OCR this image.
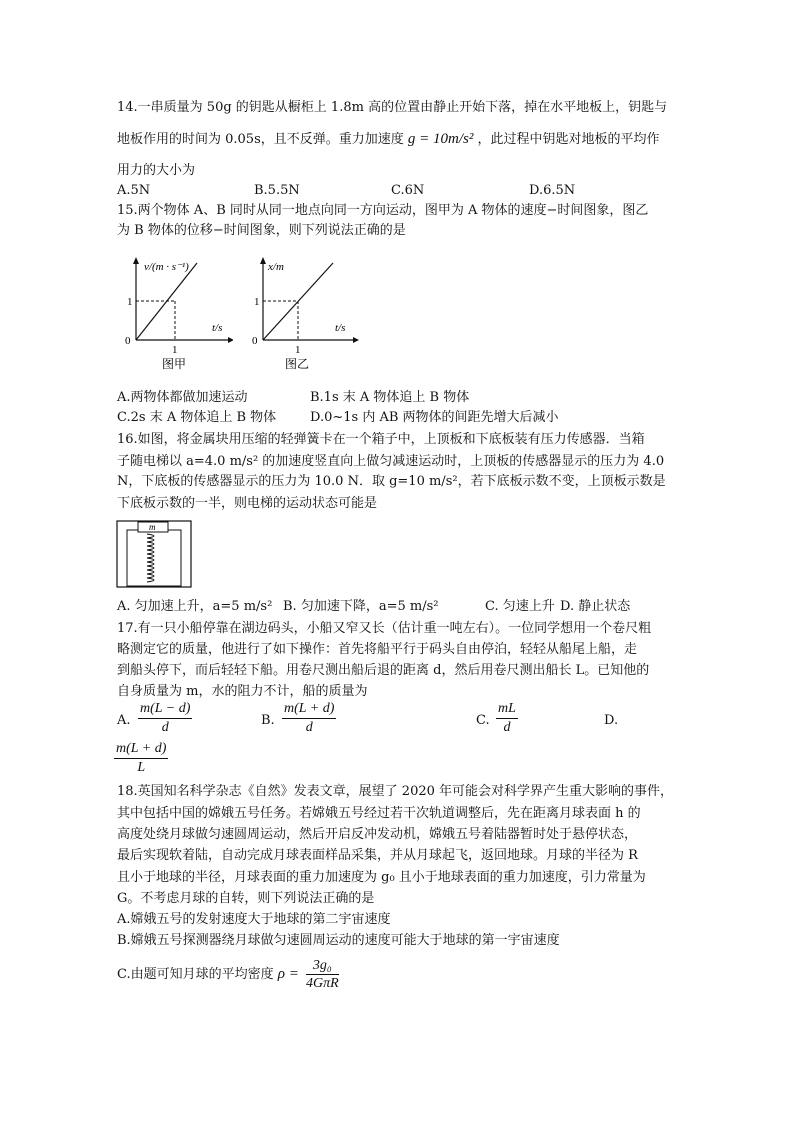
14.一串质量为 50g 的钥匙从橱柜上 1.8m 高的位置由静止开始下落，掉在水平地板上，钥匙与
地板作用的时间为 0.05s，且不反弹。重力加速度 g = 10m/s² ，此过程中钥匙对地板的平均作
用力的大小为
A.5N	B.5.5N	C.6N	D.6.5N
15.两个物体 A、B 同时从同一地点向同一方向运动，图甲为 A 物体的速度−时间图象，图乙
为 B 物体的位移−时间图象，则下列说法正确的是
v/(m · s⁻¹)
t/s
1
1
0
图甲
x/m
t/s
1
1
0
图乙
A.两物体都做加速运动	B.1s 末 A 物体追上 B 物体
C.2s 末 A 物体追上 B 物体	D.0~1s 内 AB 两物体的间距先增大后减小
16.如图，将金属块用压缩的轻弹簧卡在一个箱子中，上顶板和下底板装有压力传感器．当箱
子随电梯以 a=4.0 m/s² 的加速度竖直向上做匀减速运动时，上顶板的传感器显示的压力为 4.0
N，下底板的传感器显示的压力为 10.0 N．取 g=10 m/s²，若下底板示数不变，上顶板示数是
下底板示数的一半，则电梯的运动状态可能是
m
A. 匀加速上升，a=5 m/s² B. 匀加速下降，a=5 m/s²	C. 匀速上升 D. 静止状态
17.有一只小船停靠在湖边码头，小船又窄又长（估计重一吨左右）。一位同学想用一个卷尺粗
略测定它的质量，他进行了如下操作：首先将船平行于码头自由停泊，轻轻从船尾上船，走
到船头停下，而后轻轻下船。用卷尺测出船后退的距离 d，然后用卷尺测出船长 L。已知他的
自身质量为 m，水的阻力不计，船的质量为
A. $\frac{m(L - d)}{d}$	B. $\frac{m(L + d)}{d}$	C. $\frac{mL}{d}$	D.
$\frac{m(L + d)}{L}$
18.英国知名科学杂志《自然》发表文章，展望了 2020 年可能会对科学界产生重大影响的事件，
其中包括中国的嫦娥五号任务。若嫦娥五号经过若干次轨道调整后，先在距离月球表面 h 的
高度处绕月球做匀速圆周运动，然后开启反冲发动机，嫦娥五号着陆器暂时处于悬停状态，
最后实现软着陆，自动完成月球表面样品采集，并从月球起飞，返回地球。月球的半径为 R
且小于地球的半径，月球表面的重力加速度为 g₀ 且小于地球表面的重力加速度，引力常量为
G。不考虑月球的自转，则下列说法正确的是
A.嫦娥五号的发射速度大于地球的第二宇宙速度
B.嫦娥五号探测器绕月球做匀速圆周运动的速度可能大于地球的第一宇宙速度
C.由题可知月球的平均密度 $\rho = \frac{\text{3g₀}}{\text{4GπR}}$
